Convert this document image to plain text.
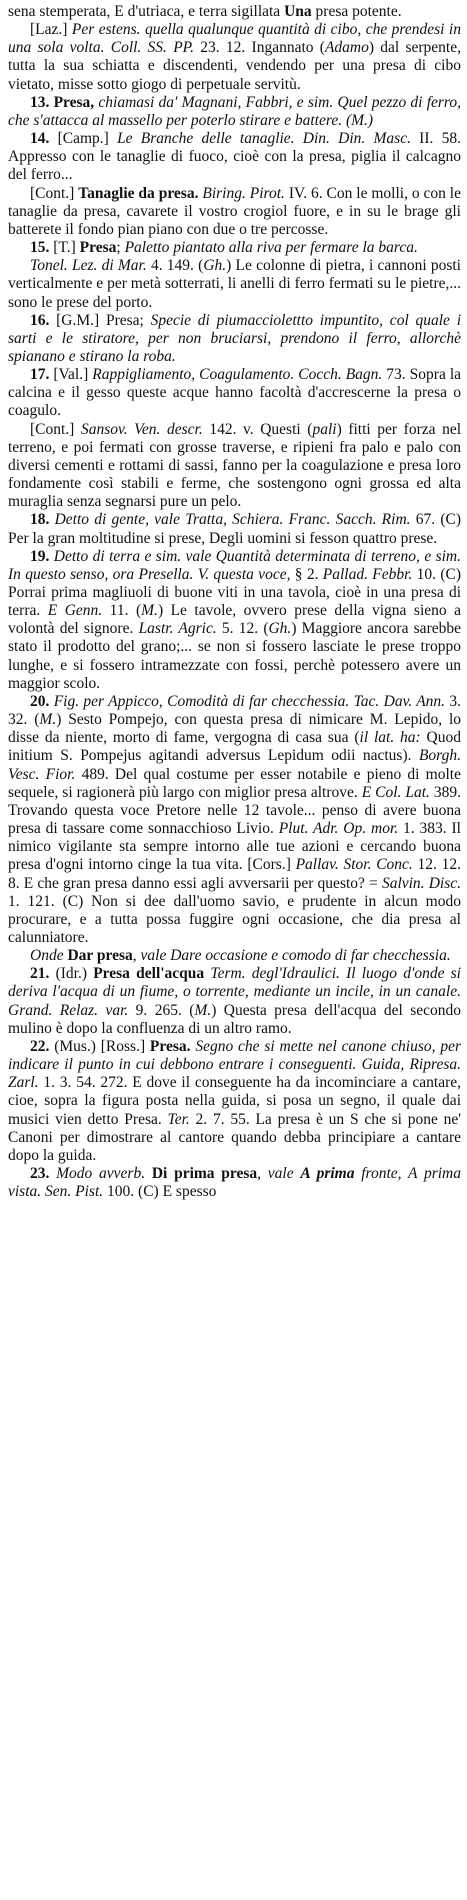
sena stemperata, E d'utriaca, e terra sigillata Una presa potente.

[Laz.] Per estens. quella qualunque quantità di cibo, che prendesi in una sola volta. Coll. SS. PP. 23. 12. Ingannato (Adamo) dal serpente, tutta la sua schiatta e discendenti, vendendo per una presa di cibo vietato, misse sotto giogo di perpetuale servitù.

13. Presa, chiamasi da' Magnani, Fabbri, e sim. Quel pezzo di ferro, che s'attacca al massello per poterlo stirare e battere. (M.)

14. [Camp.] Le Branche delle tanaglie. Din. Din. Masc. II. 58. Appresso con le tanaglie di fuoco, cioè con la presa, piglia il calcagno del ferro...

[Cont.] Tanaglie da presa. Biring. Pirot. IV. 6. Con le molli, o con le tanaglie da presa, cavarete il vostro crogiol fuore, e in su le brage gli batterete il fondo pian piano con due o tre percosse.

15. [T.] Presa; Paletto piantato alla riva per fermare la barca.

Tonel. Lez. di Mar. 4. 149. (Gh.) Le colonne di pietra, i cannoni posti verticalmente e per metà sotterrati, li anelli di ferro fermati su le pietre,... sono le prese del porto.

16. [G.M.] Presa; Specie di piumacciolettto impuntito, col quale i sarti e le stiratore, per non bruciarsi, prendono il ferro, allorchè spianano e stirano la roba.

17. [Val.] Rappigliamento, Coagulamento. Cocch. Bagn. 73. Sopra la calcina e il gesso queste acque hanno facoltà d'accrescerne la presa o coagulo.

[Cont.] Sansov. Ven. descr. 142. v. Questi (pali) fitti per forza nel terreno, e poi fermati con grosse traverse, e ripieni fra palo e palo con diversi cementi e rottami di sassi, fanno per la coagulazione e presa loro fondamente così stabili e ferme, che sostengono ogni grossa ed alta muraglia senza segnarsi pure un pelo.

18. Detto di gente, vale Tratta, Schiera. Franc. Sacch. Rim. 67. (C) Per la gran moltitudine si prese, Degli uomini si fesson quattro prese.

19. Detto di terra e sim. vale Quantità determinata di terreno, e sim. In questo senso, ora Presella. V. questa voce, § 2. Pallad. Febbr. 10. (C) Porrai prima magliuoli di buone viti in una tavola, cioè in una presa di terra. E Genn. 11. (M.) Le tavole, ovvero prese della vigna sieno a volontà del signore. Lastr. Agric. 5. 12. (Gh.) Maggiore ancora sarebbe stato il prodotto del grano;... se non si fossero lasciate le prese troppo lunghe, e si fossero intramezzate con fossi, perchè potessero avere un maggior scolo.

20. Fig. per Appicco, Comodità di far checchessia. Tac. Dav. Ann. 3. 32. (M.) Sesto Pompejo, con questa presa di nimicare M. Lepido, lo disse da niente, morto di fame, vergogna di casa sua (il lat. ha: Quod initium S. Pompejus agitandi adversus Lepidum odii nactus). Borgh. Vesc. Fior. 489. Del qual costume per esser notabile e pieno di molte sequele, si ragionerà più largo con miglior presa altrove. E Col. Lat. 389. Trovando questa voce Pretore nelle 12 tavole... penso di avere buona presa di tassare come sonnacchioso Livio. Plut. Adr. Op. mor. 1. 383. Il nimico vigilante sta sempre intorno alle tue azioni e cercando buona presa d'ogni intorno cinge la tua vita. [Cors.] Pallav. Stor. Conc. 12. 12. 8. E che gran presa danno essi agli avversarii per questo? = Salvin. Disc. 1. 121. (C) Non si dee dall'uomo savio, e prudente in alcun modo procurare, e a tutta possa fuggire ogni occasione, che dia presa al calunniatore.

Onde Dar presa, vale Dare occasione e comodo di far checchessia.

21. (Idr.) Presa dell'acqua Term. degl'Idraulici. Il luogo d'onde si deriva l'acqua di un fiume, o torrente, mediante un incile, in un canale. Grand. Relaz. var. 9. 265. (M.) Questa presa dell'acqua del secondo mulino è dopo la confluenza di un altro ramo.

22. (Mus.) [Ross.] Presa. Segno che si mette nel canone chiuso, per indicare il punto in cui debbono entrare i conseguenti. Guida, Ripresa. Zarl. 1. 3. 54. 272. E dove il conseguente ha da incominciare a cantare, cioe, sopra la figura posta nella guida, si posa un segno, il quale dai musici vien detto Presa. Ter. 2. 7. 55. La presa è un S che si pone ne' Canoni per dimostrare al cantore quando debba principiare a cantare dopo la guida.

23. Modo avverb. Di prima presa, vale A prima fronte, A prima vista. Sen. Pist. 100. (C) E spesso
